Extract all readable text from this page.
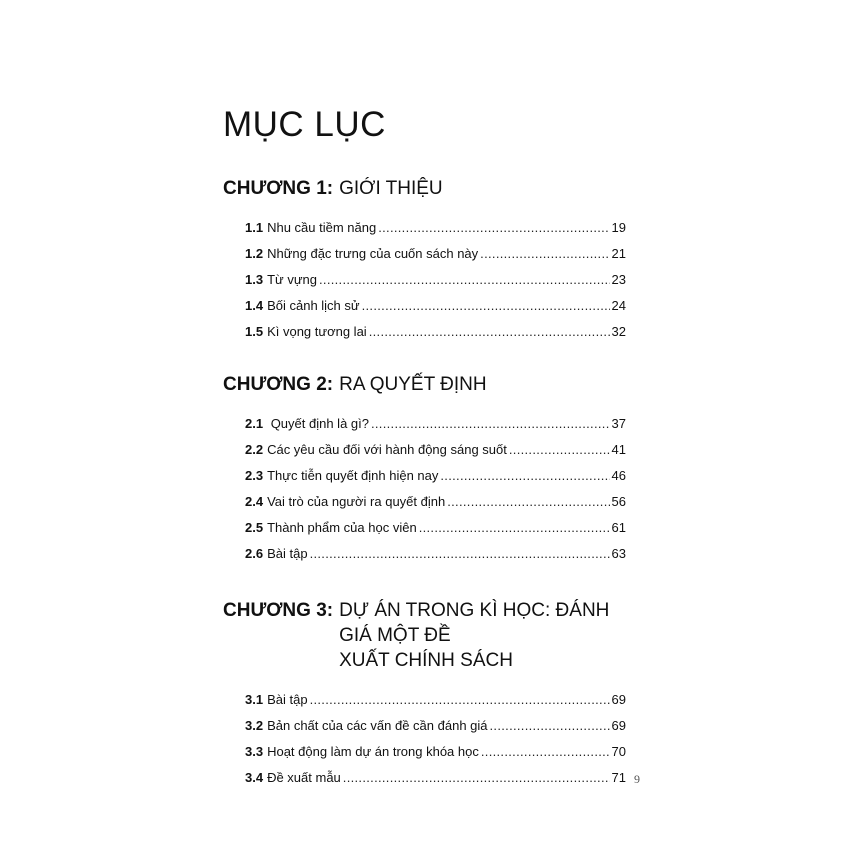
MỤC LỤC
CHƯƠNG 1: GIỚI THIỆU
1.1 Nhu cầu tiềm năng .....	19
1.2 Những đặc trưng của cuốn sách này .....	21
1.3 Từ vựng .....	23
1.4 Bối cảnh lịch sử .....	24
1.5 Kì vọng tương lai .....	32
CHƯƠNG 2: RA QUYẾT ĐỊNH
2.1 Quyết định là gì? .....	37
2.2 Các yêu cầu đối với hành động sáng suốt .....	41
2.3 Thực tiễn quyết định hiện nay .....	46
2.4 Vai trò của người ra quyết định .....	56
2.5 Thành phẩm của học viên .....	61
2.6 Bài tập .....	63
CHƯƠNG 3: DỰ ÁN TRONG KÌ HỌC: ĐÁNH GIÁ MỘT ĐỀ
XUẤT CHÍNH SÁCH
3.1 Bài tập .....	69
3.2 Bản chất của các vấn đề cần đánh giá .....	69
3.3 Hoạt động làm dự án trong khóa học .....	70
3.4 Đề xuất mẫu .....	71 9
